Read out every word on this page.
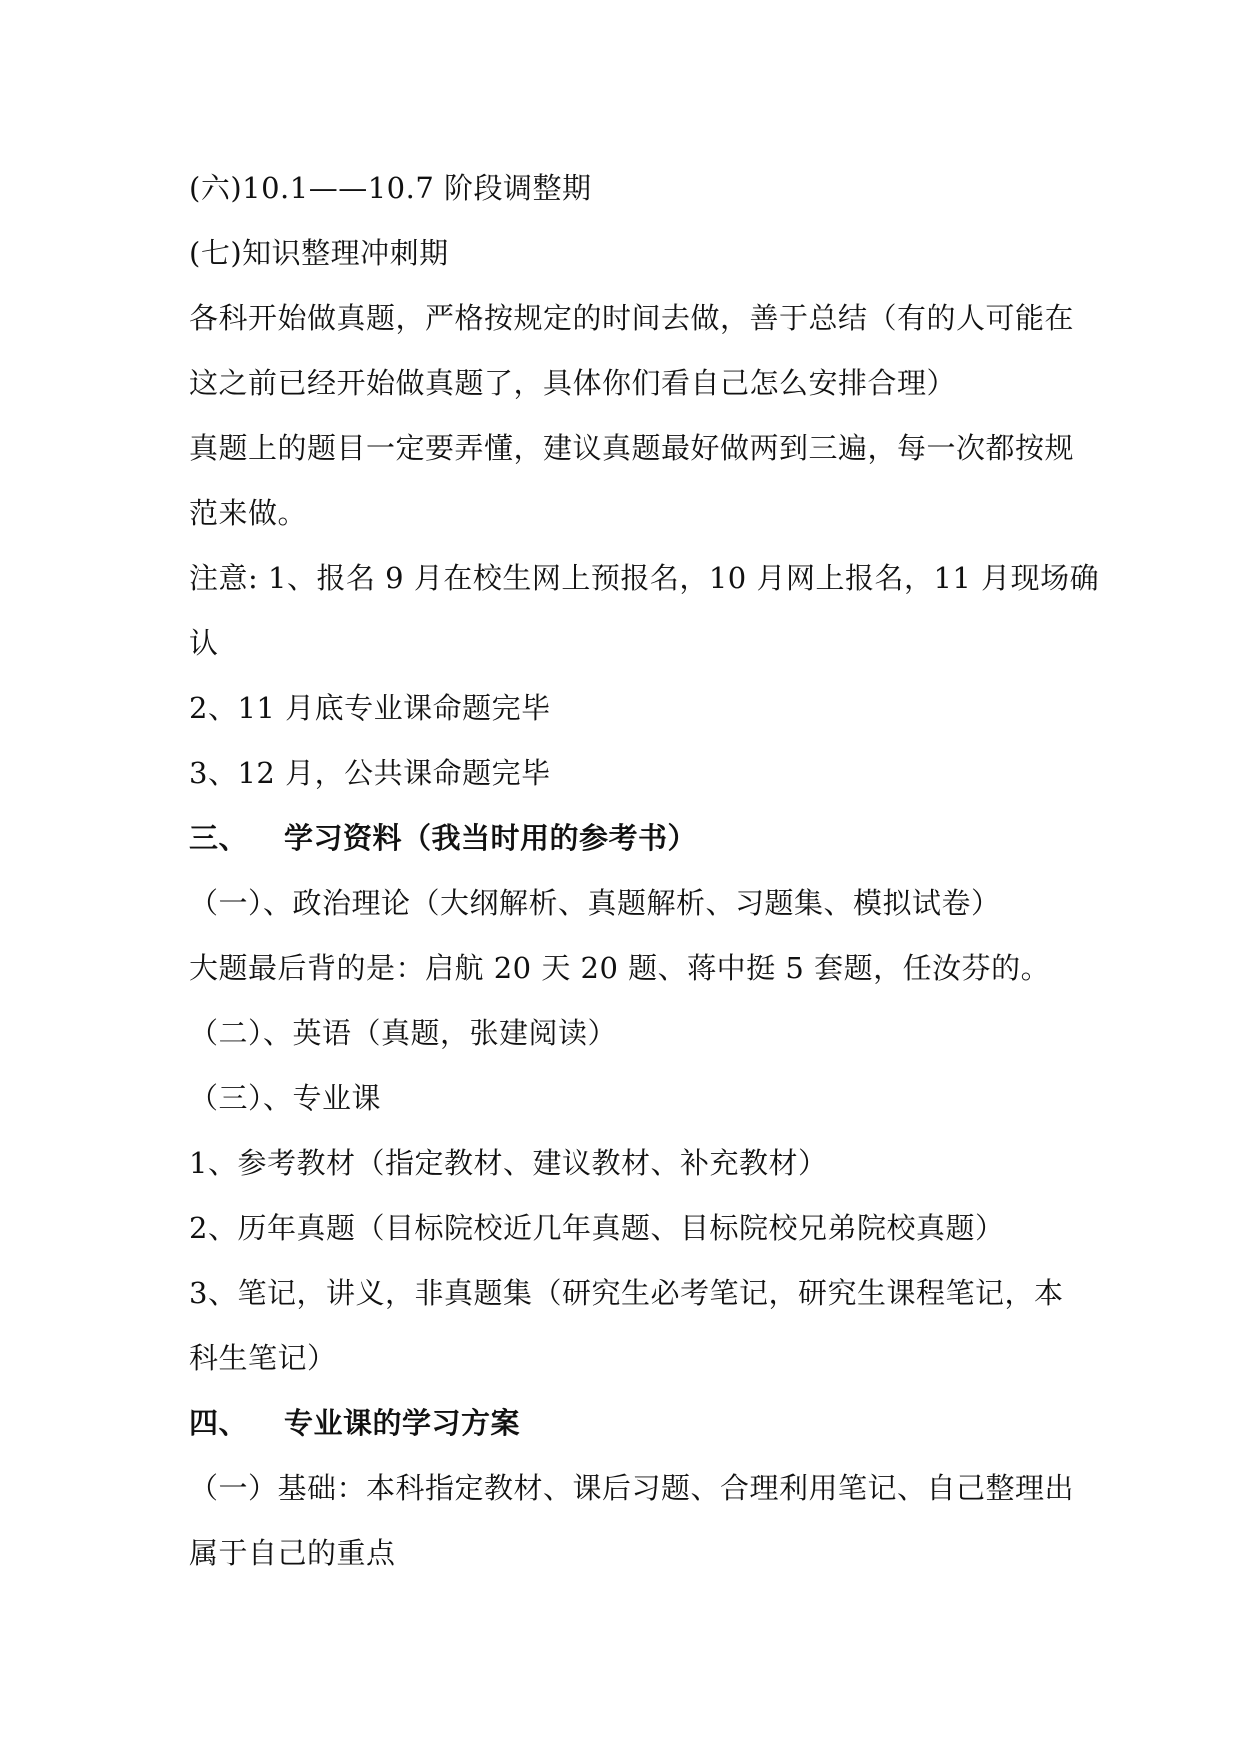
(六)10.1——10.7 阶段调整期
(七)知识整理冲刺期
各科开始做真题，严格按规定的时间去做，善于总结（有的人可能在
这之前已经开始做真题了，具体你们看自己怎么安排合理）
真题上的题目一定要弄懂，建议真题最好做两到三遍，每一次都按规
范来做。
注意: 1、报名 9 月在校生网上预报名，10 月网上报名，11 月现场确
认
2、11 月底专业课命题完毕
3、12 月，公共课命题完毕
三、 学习资料（我当时用的参考书）
（一）、政治理论（大纲解析、真题解析、习题集、模拟试卷）
大题最后背的是：启航 20 天 20 题、蒋中挺 5 套题，任汝芬的。
（二）、英语（真题，张建阅读）
（三）、专业课
1、参考教材（指定教材、建议教材、补充教材）
2、历年真题（目标院校近几年真题、目标院校兄弟院校真题）
3、笔记，讲义，非真题集（研究生必考笔记，研究生课程笔记，本
科生笔记）
四、 专业课的学习方案
（一）基础：本科指定教材、课后习题、合理利用笔记、自己整理出
属于自己的重点
